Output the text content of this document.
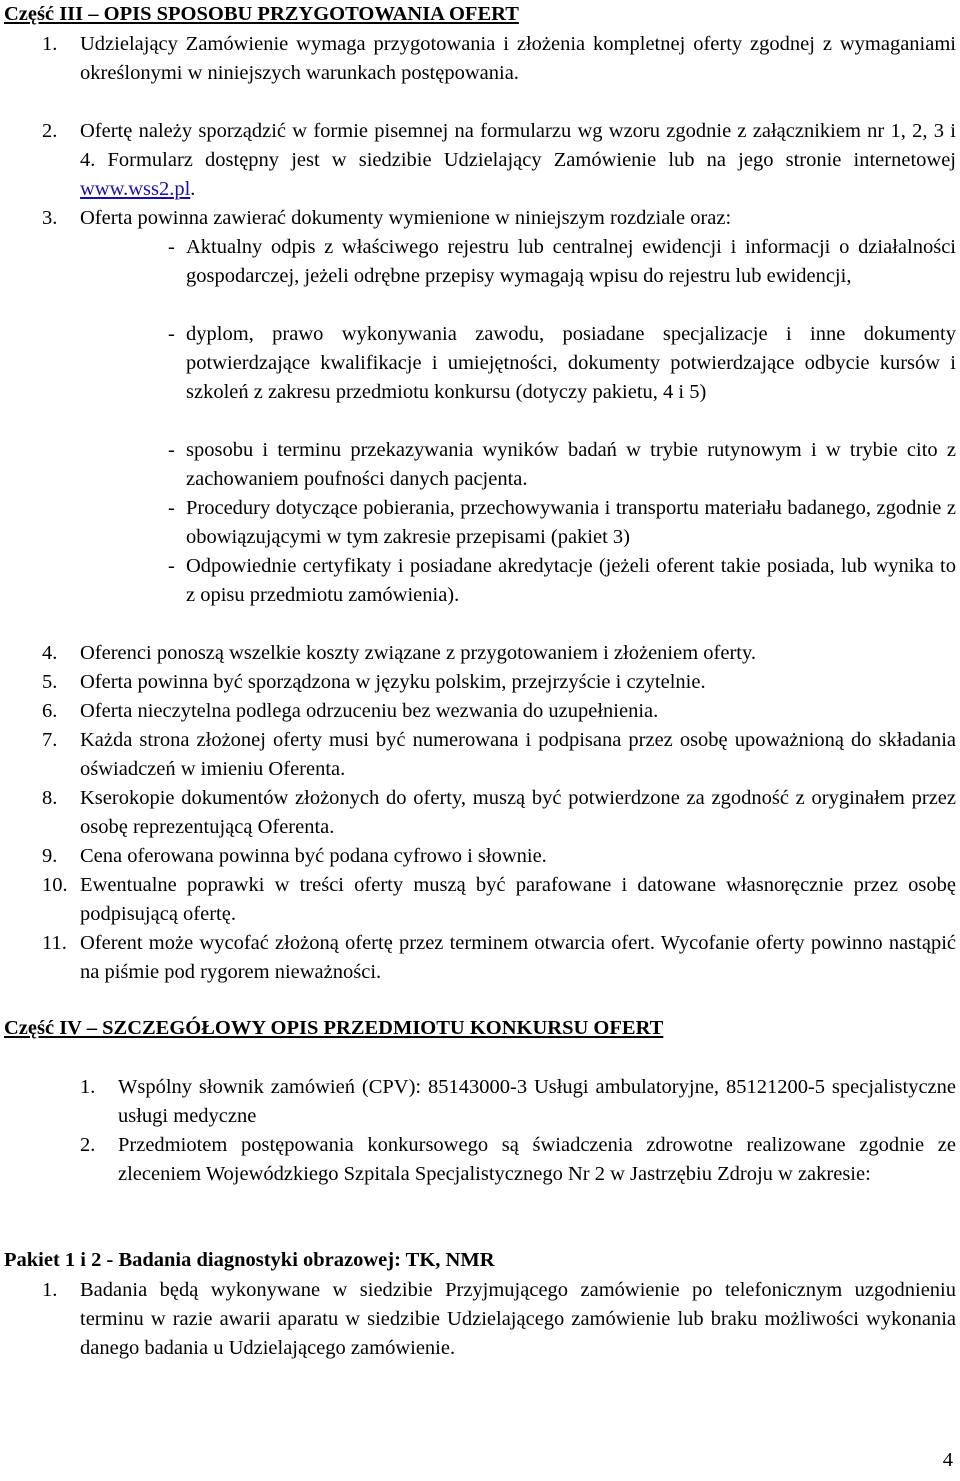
Część III – OPIS SPOSOBU PRZYGOTOWANIA OFERT
1. Udzielający Zamówienie wymaga przygotowania i złożenia kompletnej oferty zgodnej z wymaganiami określonymi w niniejszych warunkach postępowania.
2. Ofertę należy sporządzić w formie pisemnej na formularzu wg wzoru zgodnie z załącznikiem nr 1, 2, 3 i 4. Formularz dostępny jest w siedzibie Udzielający Zamówienie lub na jego stronie internetowej www.wss2.pl.
3. Oferta powinna zawierać dokumenty wymienione w niniejszym rozdziale oraz:
- Aktualny odpis z właściwego rejestru lub centralnej ewidencji i informacji o działalności gospodarczej, jeżeli odrębne przepisy wymagają wpisu do rejestru lub ewidencji,
- dyplom, prawo wykonywania zawodu, posiadane specjalizacje i inne dokumenty potwierdzające kwalifikacje i umiejętności, dokumenty potwierdzające odbycie kursów i szkoleń z zakresu przedmiotu konkursu (dotyczy pakietu, 4 i 5)
- sposobu i terminu przekazywania wyników badań w trybie rutynowym i w trybie cito z zachowaniem poufności danych pacjenta.
- Procedury dotyczące pobierania, przechowywania i transportu materiału badanego, zgodnie z obowiązującymi w tym zakresie przepisami (pakiet 3)
- Odpowiednie certyfikaty i posiadane akredytacje (jeżeli oferent takie posiada, lub wynika to z opisu przedmiotu zamówienia).
4. Oferenci ponoszą wszelkie koszty związane z przygotowaniem i złożeniem oferty.
5. Oferta powinna być sporządzona w języku polskim, przejrzyście i czytelnie.
6. Oferta nieczytelna podlega odrzuceniu bez wezwania do uzupełnienia.
7. Każda strona złożonej oferty musi być numerowana i podpisana przez osobę upoważnioną do składania oświadczeń w imieniu Oferenta.
8. Kserokopie dokumentów złożonych do oferty, muszą być potwierdzone za zgodność z oryginałem przez osobę reprezentującą Oferenta.
9. Cena oferowana powinna być podana cyfrowo i słownie.
10. Ewentualne poprawki w treści oferty muszą być parafowane i datowane własnoręcznie przez osobę podpisującą ofertę.
11. Oferent może wycofać złożoną ofertę przez terminem otwarcia ofert. Wycofanie oferty powinno nastąpić na piśmie pod rygorem nieważności.
Część IV – SZCZEGÓŁOWY OPIS PRZEDMIOTU KONKURSU OFERT
1. Wspólny słownik zamówień (CPV): 85143000-3 Usługi ambulatoryjne, 85121200-5 specjalistyczne usługi medyczne
2. Przedmiotem postępowania konkursowego są świadczenia zdrowotne realizowane zgodnie ze zleceniem Wojewódzkiego Szpitala Specjalistycznego Nr 2 w Jastrzębiu Zdroju w zakresie:
Pakiet 1 i 2 - Badania diagnostyki obrazowej: TK, NMR
1. Badania będą wykonywane w siedzibie Przyjmującego zamówienie po telefonicznym uzgodnieniu terminu w razie awarii aparatu w siedzibie Udzielającego zamówienie lub braku możliwości wykonania danego badania u Udzielającego zamówienie.
4
